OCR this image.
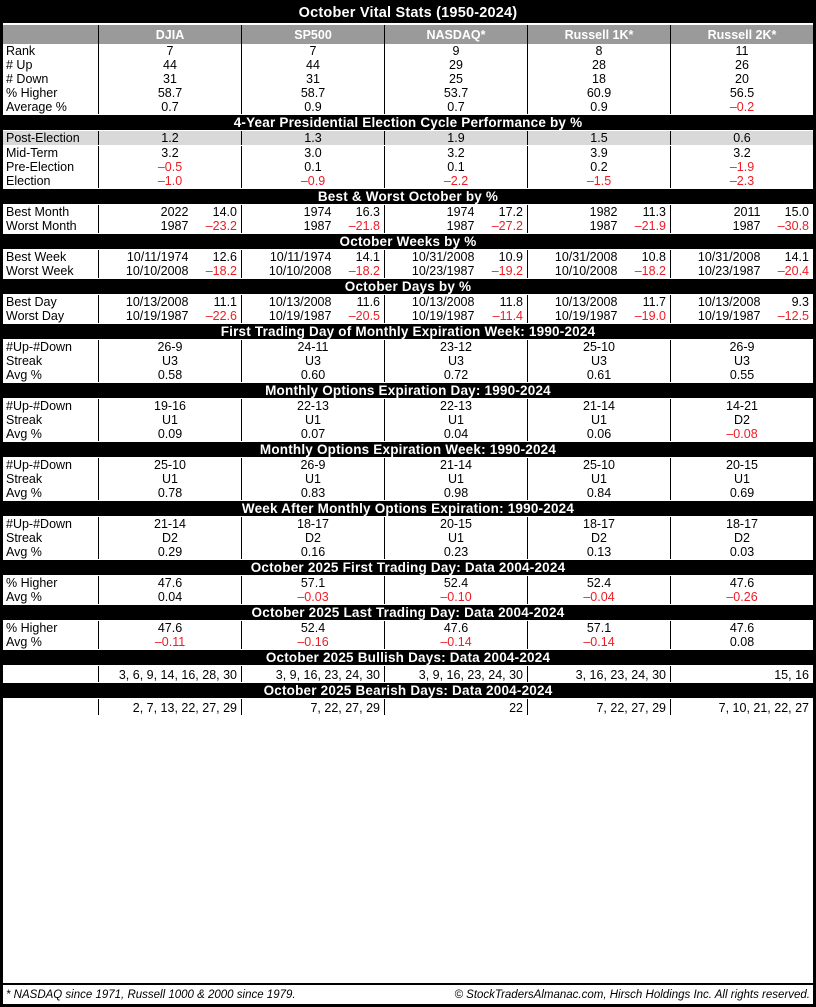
October Vital Stats (1950-2024)
DJIA	SP500	NASDAQ*	Russell 1K*	Russell 2K*
Rank	7	7	9	8	11
# Up	44	44	29	28	26
# Down	31	31	25	18	20
% Higher	58.7	58.7	53.7	60.9	56.5
Average %	0.7	0.9	0.7	0.9	–0.2
4-Year Presidential Election Cycle Performance by %
Post-Election	1.2	1.3	1.9	1.5	0.6
Mid-Term	3.2	3.0	3.2	3.9	3.2
Pre-Election	–0.5	0.1	0.1	0.2	–1.9
Election	–1.0	–0.9	–2.2	–1.5	–2.3
Best & Worst October by %
Best Month	2022	14.0	1974	16.3	1974	17.2	1982	11.3	2011	15.0
Worst Month	1987	–23.2	1987	–21.8	1987	–27.2	1987	–21.9	1987	–30.8
October Weeks by %
Best Week	10/11/1974	12.6	10/11/1974	14.1	10/31/2008	10.9	10/31/2008	10.8	10/31/2008	14.1
Worst Week	10/10/2008	–18.2	10/10/2008	–18.2	10/23/1987	–19.2	10/10/2008	–18.2	10/23/1987	–20.4
October Days by %
Best Day	10/13/2008	11.1	10/13/2008	11.6	10/13/2008	11.8	10/13/2008	11.7	10/13/2008	9.3
Worst Day	10/19/1987	–22.6	10/19/1987	–20.5	10/19/1987	–11.4	10/19/1987	–19.0	10/19/1987	–12.5
First Trading Day of Monthly Expiration Week: 1990-2024
#Up-#Down	26-9	24-11	23-12	25-10	26-9
Streak	U3	U3	U3	U3	U3
Avg %	0.58	0.60	0.72	0.61	0.55
Monthly Options Expiration Day: 1990-2024
#Up-#Down	19-16	22-13	22-13	21-14	14-21
Streak	U1	U1	U1	U1	D2
Avg %	0.09	0.07	0.04	0.06	–0.08
Monthly Options Expiration Week: 1990-2024
#Up-#Down	25-10	26-9	21-14	25-10	20-15
Streak	U1	U1	U1	U1	U1
Avg %	0.78	0.83	0.98	0.84	0.69
Week After Monthly Options Expiration: 1990-2024
#Up-#Down	21-14	18-17	20-15	18-17	18-17
Streak	D2	D2	U1	D2	D2
Avg %	0.29	0.16	0.23	0.13	0.03
October 2025 First Trading Day: Data 2004-2024
% Higher	47.6	57.1	52.4	52.4	47.6
Avg %	0.04	–0.03	–0.10	–0.04	–0.26
October 2025 Last Trading Day: Data 2004-2024
% Higher	47.6	52.4	47.6	57.1	47.6
Avg %	–0.11	–0.16	–0.14	–0.14	0.08
October 2025 Bullish Days: Data 2004-2024
3, 6, 9, 14, 16, 28, 30	3, 9, 16, 23, 24, 30	3, 9, 16, 23, 24, 30	3, 16, 23, 24, 30	15, 16
October 2025 Bearish Days: Data 2004-2024
2, 7, 13, 22, 27, 29	7, 22, 27, 29	22	7, 22, 27, 29	7, 10, 21, 22, 27
* NASDAQ since 1971, Russell 1000 & 2000 since 1979.	© StockTradersAlmanac.com, Hirsch Holdings Inc. All rights reserved.
